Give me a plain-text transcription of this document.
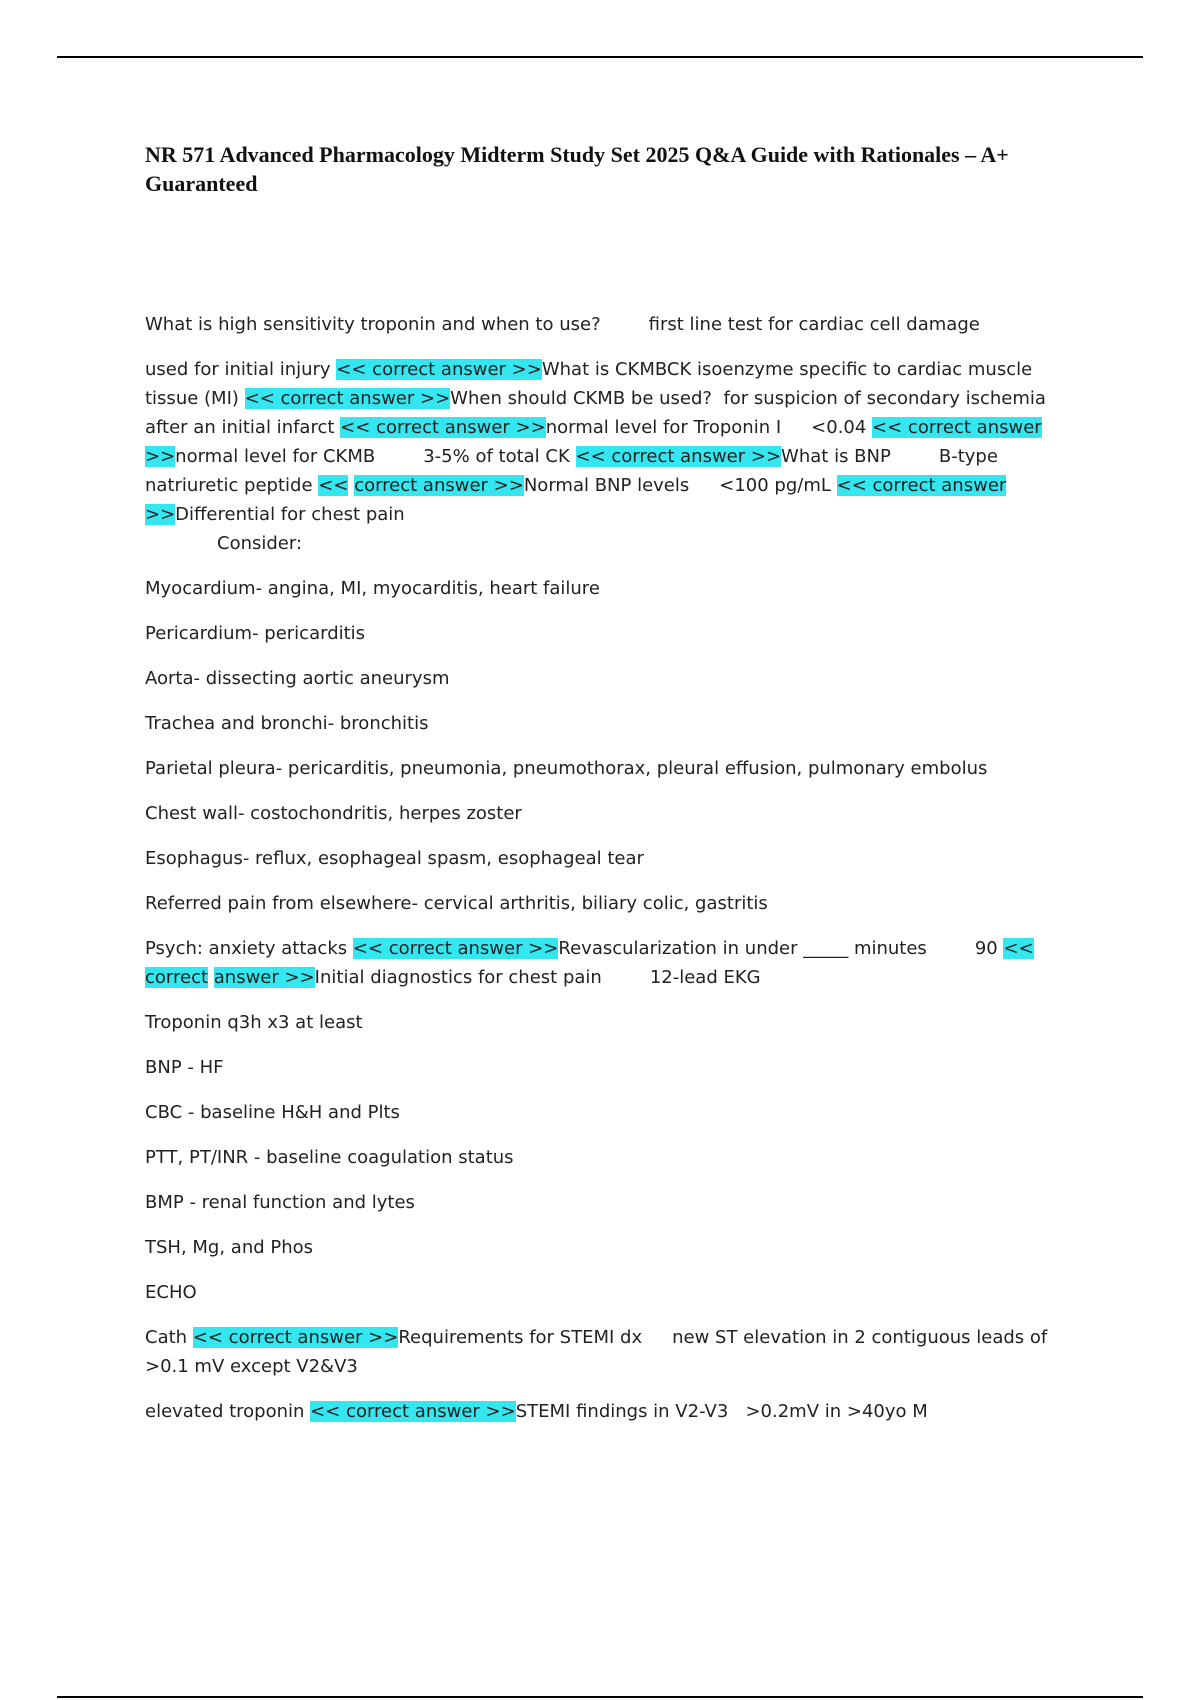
NR 571 Advanced Pharmacology Midterm Study Set 2025 Q&A Guide with Rationales – A+ Guaranteed

What is high sensitivity troponin and when to use?	first line test for cardiac cell damage

used for initial injury << correct answer >>What is CKMBCK isoenzyme specific to cardiac muscle tissue (MI) << correct answer >>When should CKMB be used? for suspicion of secondary ischemia after an initial infarct << correct answer >>normal level for Troponin I <0.04 << correct answer >>normal level for CKMB	3-5% of total CK << correct answer >>What is BNP	B-type natriuretic peptide << correct answer >>Normal BNP levels <100 pg/mL << correct answer >>Differential for chest pain
Consider:

Myocardium- angina, MI, myocarditis, heart failure

Pericardium- pericarditis

Aorta- dissecting aortic aneurysm

Trachea and bronchi- bronchitis

Parietal pleura- pericarditis, pneumonia, pneumothorax, pleural effusion, pulmonary embolus

Chest wall- costochondritis, herpes zoster

Esophagus- reflux, esophageal spasm, esophageal tear

Referred pain from elsewhere- cervical arthritis, biliary colic, gastritis

Psych: anxiety attacks << correct answer >>Revascularization in under _____ minutes	90 << correct answer >>Initial diagnostics for chest pain	12-lead EKG

Troponin q3h x3 at least

BNP - HF

CBC - baseline H&H and Plts

PTT, PT/INR - baseline coagulation status

BMP - renal function and lytes

TSH, Mg, and Phos

ECHO

Cath << correct answer >>Requirements for STEMI dx new ST elevation in 2 contiguous leads of >0.1 mV except V2&V3

elevated troponin << correct answer >>STEMI findings in V2-V3 >0.2mV in >40yo M
